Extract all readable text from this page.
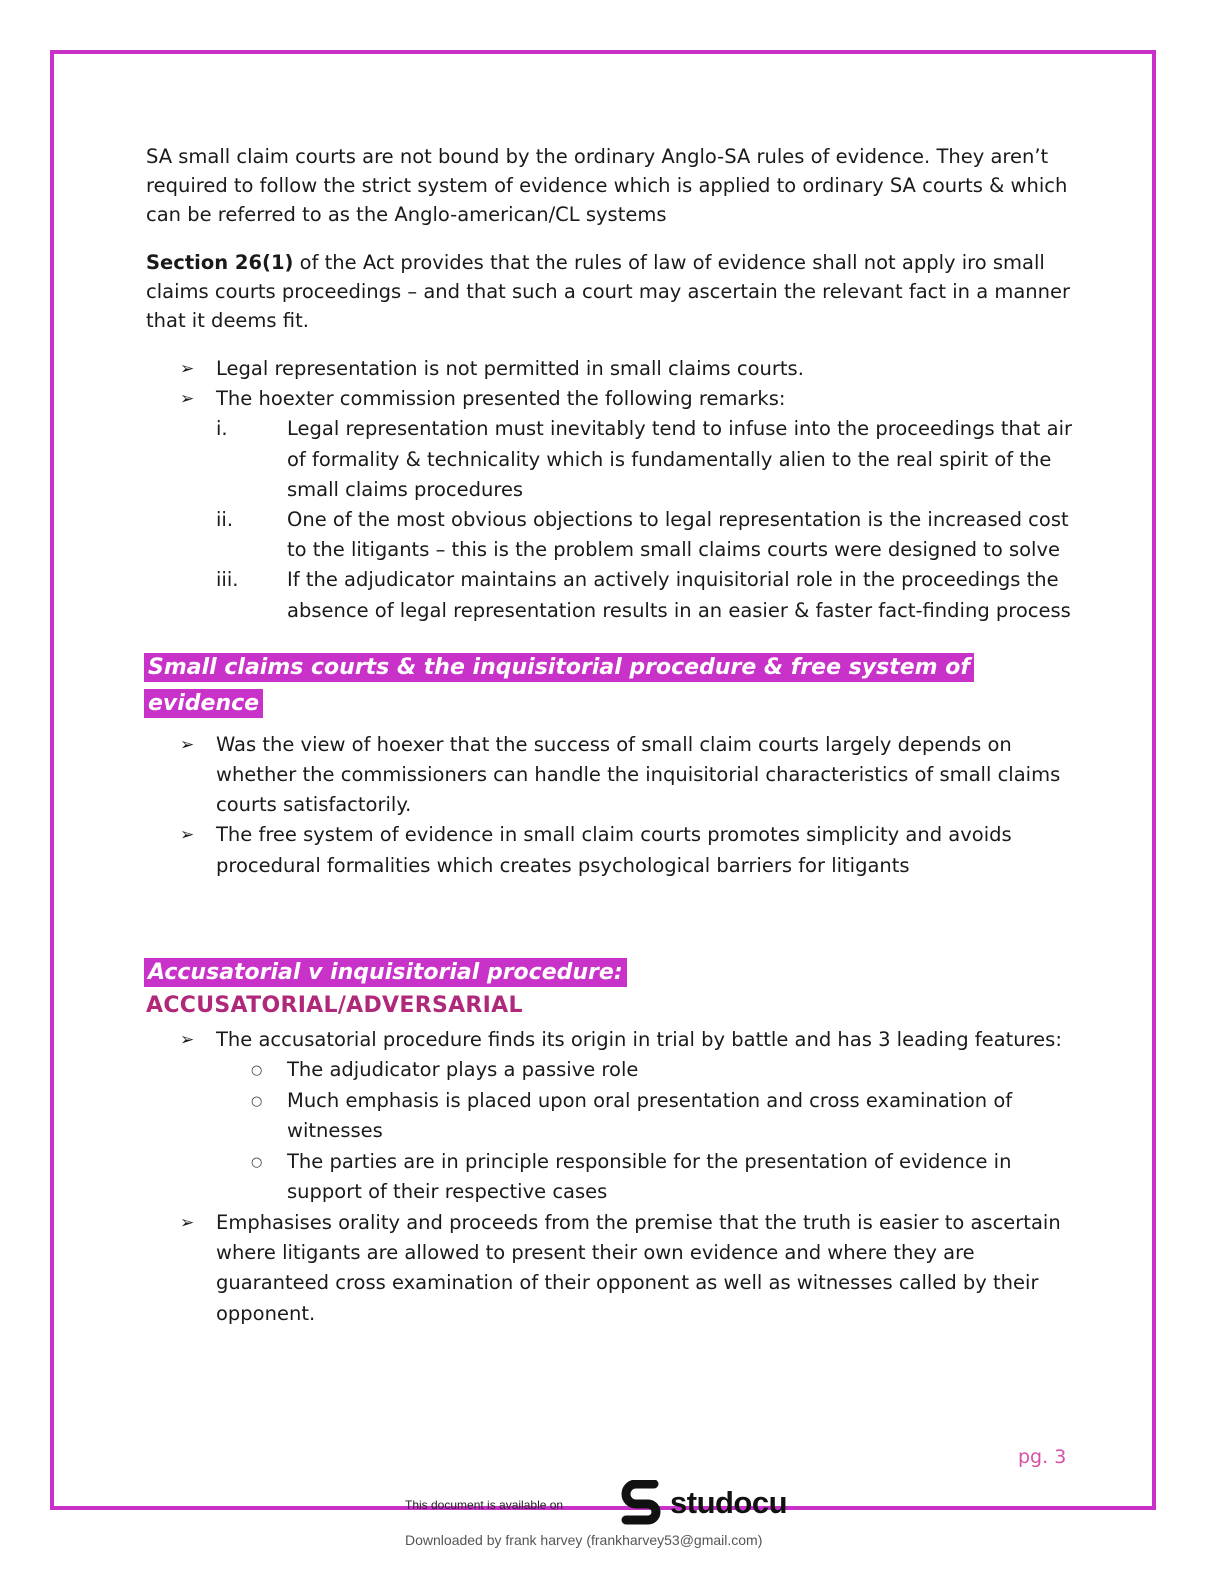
SA small claim courts are not bound by the ordinary Anglo-SA rules of evidence. They aren’t required to follow the strict system of evidence which is applied to ordinary SA courts & which can be referred to as the Anglo-american/CL systems

Section 26(1) of the Act provides that the rules of law of evidence shall not apply iro small claims courts proceedings – and that such a court may ascertain the relevant fact in a manner that it deems fit.

➢ Legal representation is not permitted in small claims courts.
➢ The hoexter commission presented the following remarks:
i.	Legal representation must inevitably tend to infuse into the proceedings that air of formality & technicality which is fundamentally alien to the real spirit of the small claims procedures
ii.	One of the most obvious objections to legal representation is the increased cost to the litigants – this is the problem small claims courts were designed to solve
iii. If the adjudicator maintains an actively inquisitorial role in the proceedings the absence of legal representation results in an easier & faster fact-finding process
Small claims courts & the inquisitorial procedure & free system of
evidence
➢ Was the view of hoexer that the success of small claim courts largely depends on whether the commissioners can handle the inquisitorial characteristics of small claims courts satisfactorily.
➢ The free system of evidence in small claim courts promotes simplicity and avoids procedural formalities which creates psychological barriers for litigants
Accusatorial v inquisitorial procedure:
ACCUSATORIAL/ADVERSARIAL
➢ The accusatorial procedure finds its origin in trial by battle and has 3 leading features:
○ The adjudicator plays a passive role
○ Much emphasis is placed upon oral presentation and cross examination of witnesses
○ The parties are in principle responsible for the presentation of evidence in support of their respective cases
➢ Emphasises orality and proceeds from the premise that the truth is easier to ascertain where litigants are allowed to present their own evidence and where they are guaranteed cross examination of their opponent as well as witnesses called by their opponent.
pg. 3
This document is available on	studocu
Downloaded by frank harvey (frankharvey53@gmail.com)
